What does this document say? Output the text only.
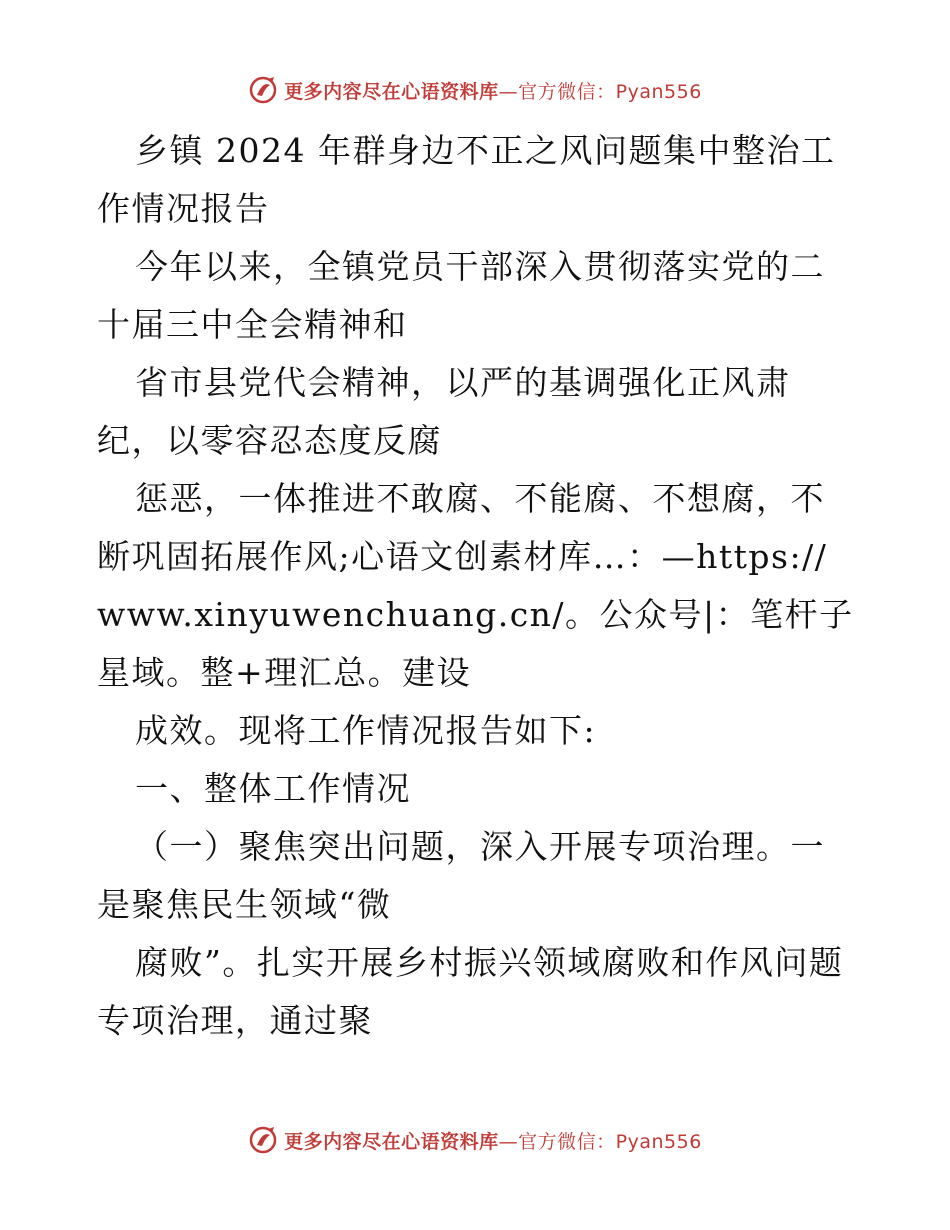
更多内容尽在心语资料库—官方微信：Pyan556

乡镇 2024 年群身边不正之风问题集中整治工作情况报告

今年以来，全镇党员干部深入贯彻落实党的二十届三中全会精神和

省市县党代会精神，以严的基调强化正风肃纪，以零容忍态度反腐

惩恶，一体推进不敢腐、不能腐、不想腐，不断巩固拓展作风;心语文创素材库…：—https://www.xinyuwenchuang.cn/。公众号|：笔杆子星域。整+理汇总。建设

成效。现将工作情况报告如下:

一、整体工作情况

（一）聚焦突出问题，深入开展专项治理。一是聚焦民生领域“微

腐败”。扎实开展乡村振兴领域腐败和作风问题专项治理，通过聚

更多内容尽在心语资料库—官方微信：Pyan556
